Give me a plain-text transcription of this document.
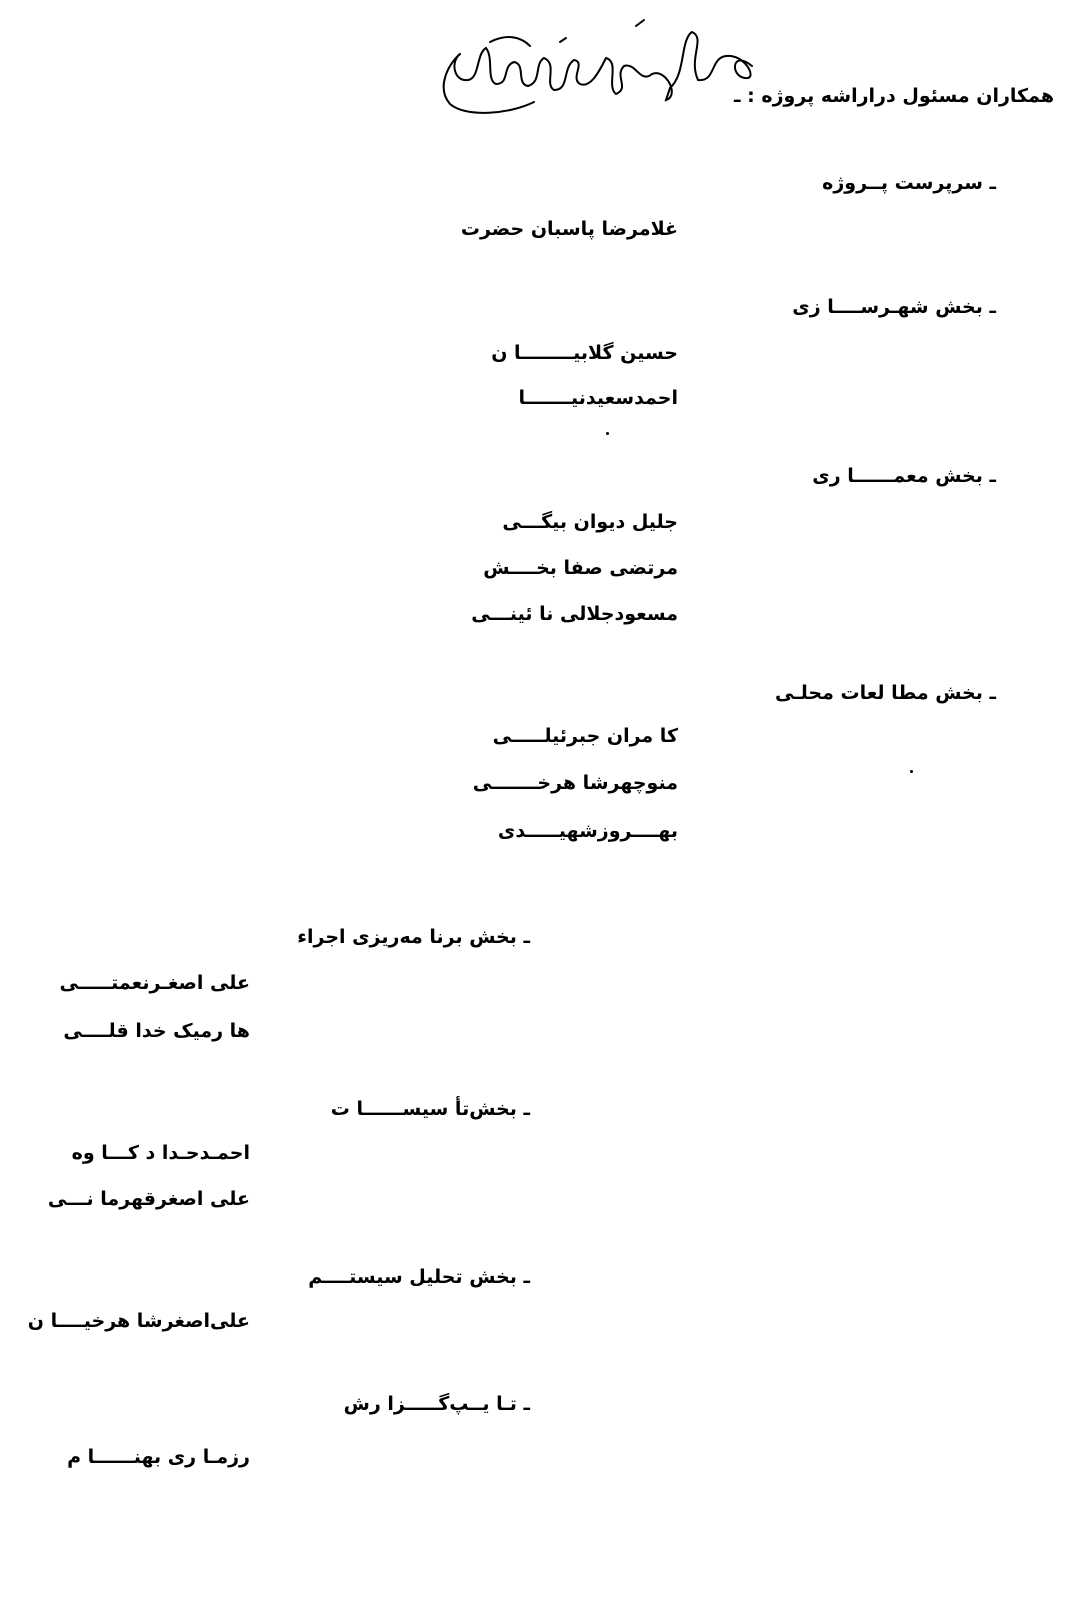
همکاران مسئول دراراشه پروژه : ـ
ـ سرپرست پــروژه
غلامرضا پاسبان حضرت
ـ بخش شهـرســــا زی
حسین گلابیــــــــا ن
احمدسعیدنیـــــــا
ـ بخش معمــــــا ری
جلیل دیوان بیگـــی
مرتضی صفا بخــــش
مسعودجلالی نا ئینـــی
ـ بخش مطا لعات محلـی
کا مران جبرئیلـــــی
منوچهرشا هرخـــــــی
بهــــروزشهیـــــدی
ـ بخش برنا مه‌ریزی اجراء
علی اصغـرنعمتـــــی
ها رمیک خدا قلــــی
ـ بخش‌تأ سیســــــا ت
احمـدحـدا د کـــا وه
علی اصغرقهرما نـــی
ـ بخش تحلیل سیستــــم
علی‌اصغرشا هرخیــــا ن
ـ تـا یــپ‌گـــــزا رش
رزمـا ری بهنــــــا م
